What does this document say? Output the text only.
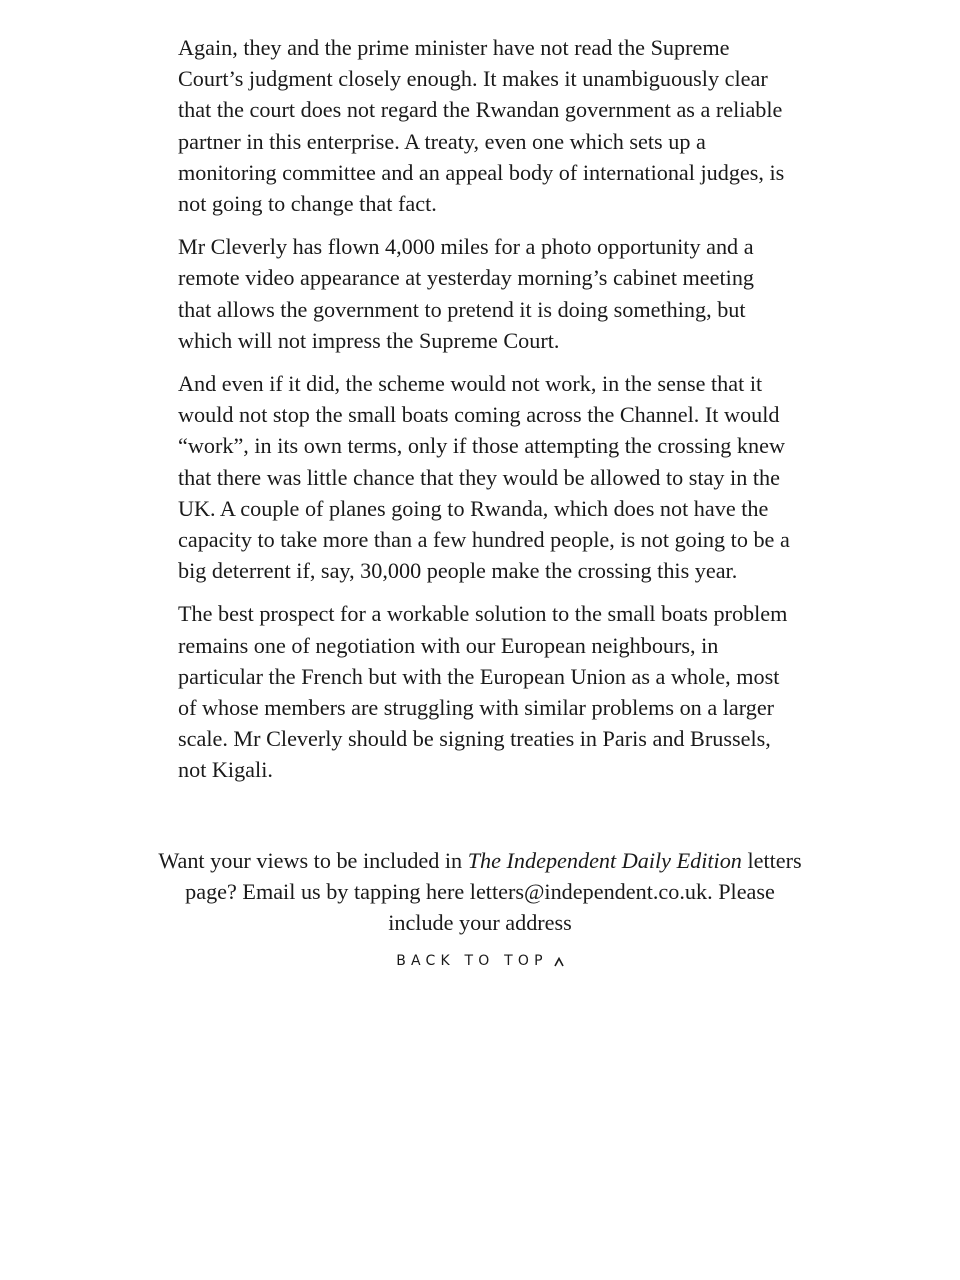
Again, they and the prime minister have not read the Supreme Court’s judgment closely enough. It makes it unambiguously clear that the court does not regard the Rwandan government as a reliable partner in this enterprise. A treaty, even one which sets up a monitoring committee and an appeal body of international judges, is not going to change that fact.

Mr Cleverly has flown 4,000 miles for a photo opportunity and a remote video appearance at yesterday morning’s cabinet meeting that allows the government to pretend it is doing something, but which will not impress the Supreme Court.

And even if it did, the scheme would not work, in the sense that it would not stop the small boats coming across the Channel. It would “work”, in its own terms, only if those attempting the crossing knew that there was little chance that they would be allowed to stay in the UK. A couple of planes going to Rwanda, which does not have the capacity to take more than a few hundred people, is not going to be a big deterrent if, say, 30,000 people make the crossing this year.

The best prospect for a workable solution to the small boats problem remains one of negotiation with our European neighbours, in particular the French but with the European Union as a whole, most of whose members are struggling with similar problems on a larger scale. Mr Cleverly should be signing treaties in Paris and Brussels, not Kigali.

Want your views to be included in The Independent Daily Edition letters page? Email us by tapping here letters@independent.co.uk. Please include your address
BACK TO TOP
